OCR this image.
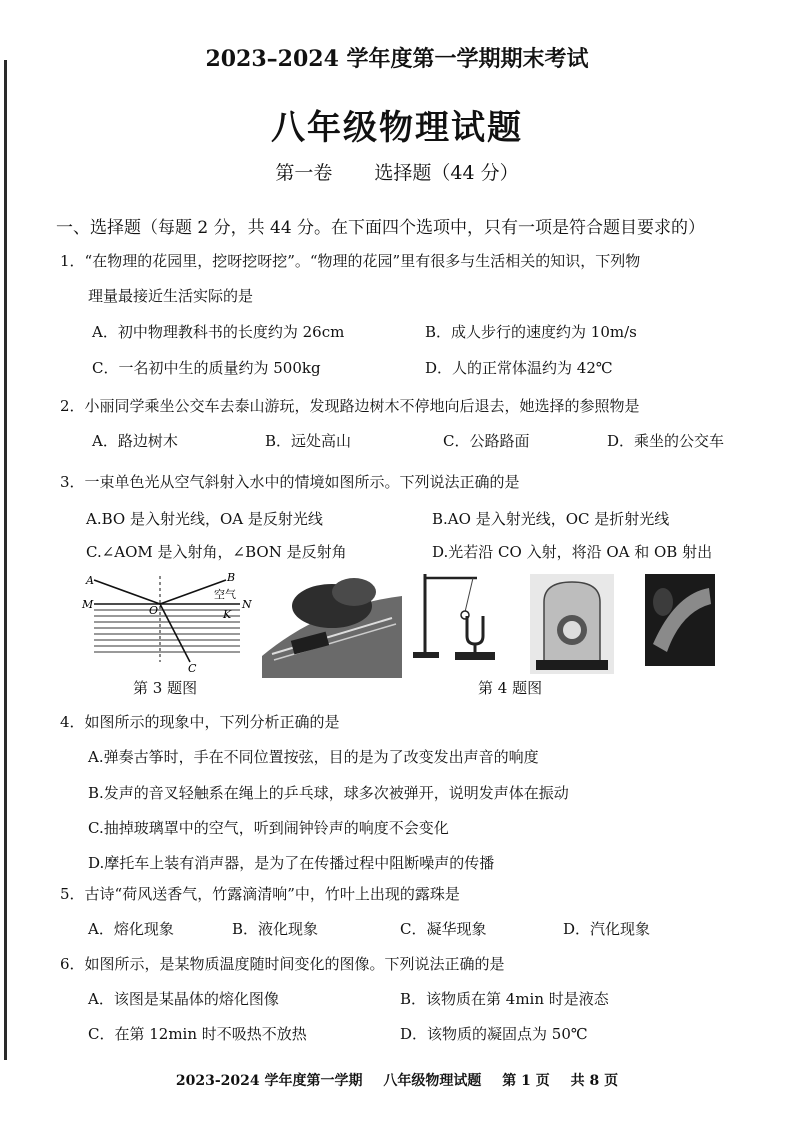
2023–2024 学年度第一学期期末考试
八年级物理试题
第一卷 选择题（44 分）
一、选择题（每题 2 分，共 44 分。在下面四个选项中，只有一项是符合题目要求的）
1．“在物理的花园里，挖呀挖呀挖”。“物理的花园”里有很多与生活相关的知识，下列物
理量最接近生活实际的是
A．初中物理教科书的长度约为 26cm	B．成人步行的速度约为 10m/s
C．一名初中生的质量约为 500kg	D．人的正常体温约为 42℃
2．小丽同学乘坐公交车去泰山游玩，发现路边树木不停地向后退去，她选择的参照物是
A．路边树木	B．远处高山	C．公路路面	D．乘坐的公交车
3．一束单色光从空气斜射入水中的情境如图所示。下列说法正确的是
A.BO 是入射光线，OA 是反射光线	B.AO 是入射光线，OC 是折射光线
C.∠AOM 是入射角，∠BON 是反射角	D.光若沿 CO 入射，将沿 OA 和 OB 射出
A	B
M	N
O	K
C
空气
第 3 题图	第 4 题图
4．如图所示的现象中，下列分析正确的是
A.弹奏古筝时，手在不同位置按弦，目的是为了改变发出声音的响度
B.发声的音叉轻触系在绳上的乒乓球，球多次被弹开，说明发声体在振动
C.抽掉玻璃罩中的空气，听到闹钟铃声的响度不会变化
D.摩托车上装有消声器，是为了在传播过程中阻断噪声的传播
5．古诗“荷风送香气，竹露滴清响”中，竹叶上出现的露珠是
A．熔化现象	B．液化现象	C．凝华现象	D．汽化现象
6．如图所示，是某物质温度随时间变化的图像。下列说法正确的是
A．该图是某晶体的熔化图像	B．该物质在第 4min 时是液态
C．在第 12min 时不吸热不放热	D．该物质的凝固点为 50℃
2023-2024 学年度第一学期 八年级物理试题 第 1 页 共 8 页
